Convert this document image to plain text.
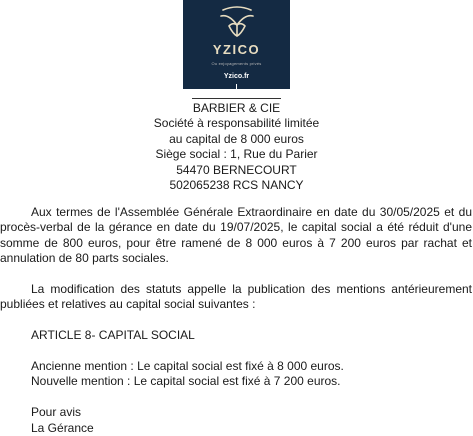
YZICO
Ou enjoyagements privés
Yzico.fr
BARBIER & CIE
Société à responsabilité limitée
au capital de 8 000 euros
Siège social : 1, Rue du Parier
54470 BERNECOURT
502065238 RCS NANCY

Aux termes de l'Assemblée Générale Extraordinaire en date du 30/05/2025 et du procès-verbal de la gérance en date du 19/07/2025, le capital social a été réduit d'une somme de 800 euros, pour être ramené de 8 000 euros à 7 200 euros par rachat et annulation de 80 parts sociales.

La modification des statuts appelle la publication des mentions antérieurement publiées et relatives au capital social suivantes :

ARTICLE 8- CAPITAL SOCIAL

Ancienne mention : Le capital social est fixé à 8 000 euros.

Nouvelle mention : Le capital social est fixé à 7 200 euros.

Pour avis

La Gérance
